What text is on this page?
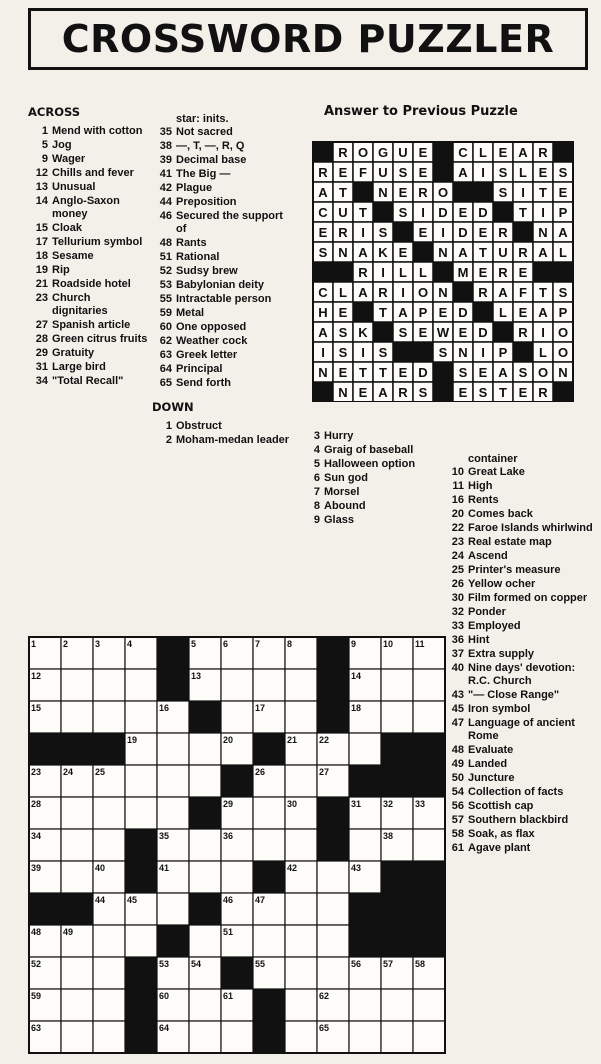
CROSSWORD PUZZLER
ACROSS
1 Mend with cotton
5 Jog
9 Wager
12 Chills and fever
13 Unusual
14 Anglo-Saxon money
15 Cloak
17 Tellurium symbol
18 Sesame
19 Rip
21 Roadside hotel
23 Church dignitaries
27 Spanish article
28 Green citrus fruits
29 Gratuity
31 Large bird
34 "Total Recall"
star: inits.
35 Not sacred
38 —, T, —, R, Q
39 Decimal base
41 The Big —
42 Plague
44 Preposition
46 Secured the support of
48 Rants
51 Rational
52 Sudsy brew
53 Babylonian deity
55 Intractable person
59 Metal
60 One opposed
62 Weather cock
63 Greek letter
64 Principal
65 Send forth
DOWN
1 Obstruct
2 Moham-medan leader	3 Hurry
4 Graig of baseball
5 Halloween option
6 Sun god
7 Morsel
8 Abound
9 Glass
container
10 Great Lake
11 High
16 Rents
20 Comes back
22 Faroe Islands whirlwind
23 Real estate map
24 Ascend
25 Printer's measure
26 Yellow ocher
30 Film formed on copper
32 Ponder
33 Employed
36 Hint
37 Extra supply
40 Nine days' devotion: R.C. Church
43 "— Close Range"
45 Iron symbol
47 Language of ancient Rome
48 Evaluate
49 Landed
50 Juncture
54 Collection of facts
56 Scottish cap
57 Southern blackbird
58 Soak, as flax
61 Agave plant
Answer to Previous Puzzle
R O G U E C L E A R
R E F U S E A I S L E S
A T N E R O	S I T E
C U T S I D E D T I P
E R I S E I D E R N A
S N A K E N A T U R A L
R I L L M E R E
C L A R I O N R A F T S
H E T A P E D L E A P
A S K S E W E D R I O
I S I S	S N I P L O
N E T T E D S E A S O N
N E A R S E S T E R
1	2	3	4	5	6	7	8	9	10 11
12	13	14
15	16	17	18
19	20	21 22
23 24 25	26	27
28	29	30	31 32 33
34	35	36	38
39	40	41	42	43
44 45	46 47
48 49	51
52	53 54	55	56 57 58
59	60	61	62
63	64	65
